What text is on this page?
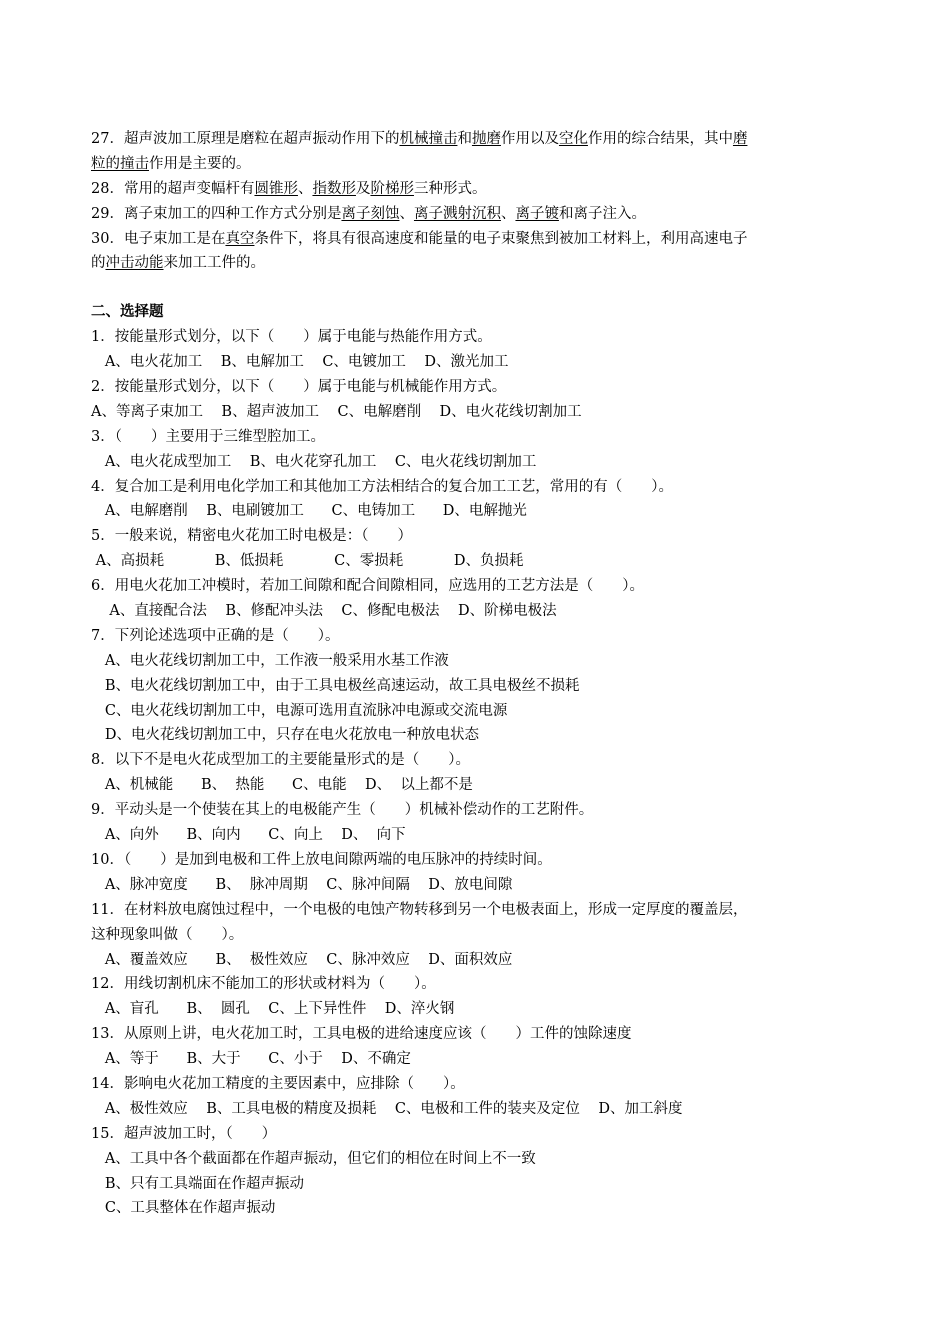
27．超声波加工原理是磨粒在超声振动作用下的机械撞击和抛磨作用以及空化作用的综合结果，其中磨
粒的撞击作用是主要的。
28．常用的超声变幅杆有圆锥形、指数形及阶梯形三种形式。
29．离子束加工的四种工作方式分别是离子刻蚀、离子溅射沉积、离子镀和离子注入。
30．电子束加工是在真空条件下，将具有很高速度和能量的电子束聚焦到被加工材料上，利用高速电子
的冲击动能来加工工件的。
二、选择题
1．按能量形式划分，以下（　　）属于电能与热能作用方式。
A、电火花加工    B、电解加工    C、电镀加工    D、激光加工
2．按能量形式划分，以下（　　）属于电能与机械能作用方式。
A、等离子束加工    B、超声波加工    C、电解磨削    D、电火花线切割加工
3．（　　）主要用于三维型腔加工。
A、电火花成型加工    B、电火花穿孔加工    C、电火花线切割加工
4．复合加工是利用电化学加工和其他加工方法相结合的复合加工工艺，常用的有（　　）。
A、电解磨削    B、电刷镀加工      C、电铸加工      D、电解抛光
5．一般来说，精密电火花加工时电极是：（　　）
A、高损耗           B、低损耗           C、零损耗           D、负损耗
6．用电火花加工冲模时，若加工间隙和配合间隙相同，应选用的工艺方法是（　　）。
A、直接配合法    B、修配冲头法    C、修配电极法    D、阶梯电极法
7．下列论述选项中正确的是（　　）。
A、电火花线切割加工中，工作液一般采用水基工作液
B、电火花线切割加工中，由于工具电极丝高速运动，故工具电极丝不损耗
C、电火花线切割加工中，电源可选用直流脉冲电源或交流电源
D、电火花线切割加工中，只存在电火花放电一种放电状态
8．以下不是电火花成型加工的主要能量形式的是（　　）。
A、机械能      B、  热能      C、电能    D、  以上都不是
9．平动头是一个使装在其上的电极能产生（　　）机械补偿动作的工艺附件。
A、向外      B、向内      C、向上    D、  向下
10．（　　）是加到电极和工件上放电间隙两端的电压脉冲的持续时间。
A、脉冲宽度      B、  脉冲周期    C、脉冲间隔    D、放电间隙
11．在材料放电腐蚀过程中，一个电极的电蚀产物转移到另一个电极表面上，形成一定厚度的覆盖层，
这种现象叫做（　　）。
A、覆盖效应      B、  极性效应    C、脉冲效应    D、面积效应
12．用线切割机床不能加工的形状或材料为（　　）。
A、盲孔      B、  圆孔    C、上下异性件    D、淬火钢
13．从原则上讲，电火花加工时，工具电极的进给速度应该（　　）工件的蚀除速度
A、等于      B、大于      C、小于    D、不确定
14．影响电火花加工精度的主要因素中，应排除（　　）。
A、极性效应    B、工具电极的精度及损耗    C、电极和工件的装夹及定位    D、加工斜度
15．超声波加工时，（　　）
A、工具中各个截面都在作超声振动，但它们的相位在时间上不一致
B、只有工具端面在作超声振动
C、工具整体在作超声振动
